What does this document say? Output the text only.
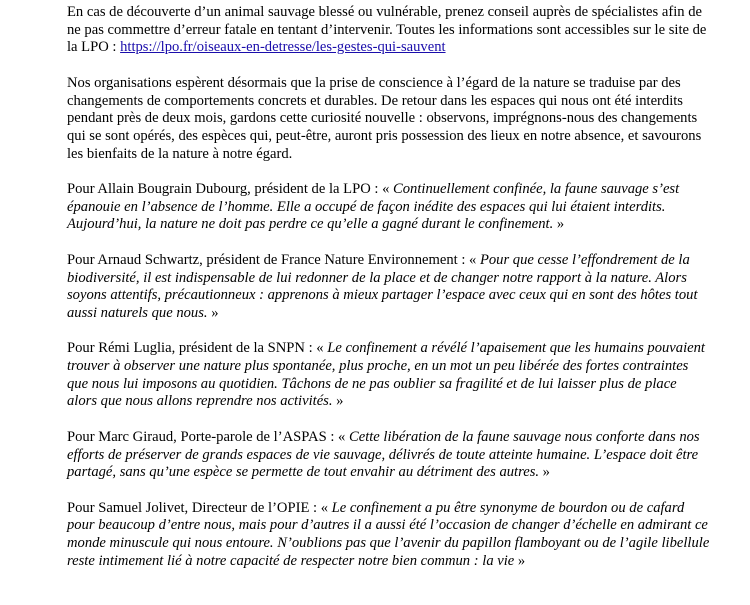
En cas de découverte d’un animal sauvage blessé ou vulnérable, prenez conseil auprès de spécialistes afin de ne pas commettre d’erreur fatale en tentant d’intervenir. Toutes les informations sont accessibles sur le site de la LPO : https://lpo.fr/oiseaux-en-detresse/les-gestes-qui-sauvent

Nos organisations espèrent désormais que la prise de conscience à l’égard de la nature se traduise par des changements de comportements concrets et durables. De retour dans les espaces qui nous ont été interdits pendant près de deux mois, gardons cette curiosité nouvelle : observons, imprégnons-nous des changements qui se sont opérés, des espèces qui, peut-être, auront pris possession des lieux en notre absence, et savourons les bienfaits de la nature à notre égard.

Pour Allain Bougrain Dubourg, président de la LPO : « Continuellement confinée, la faune sauvage s’est épanouie en l’absence de l’homme. Elle a occupé de façon inédite des espaces qui lui étaient interdits. Aujourd’hui, la nature ne doit pas perdre ce qu’elle a gagné durant le confinement. »

Pour Arnaud Schwartz, président de France Nature Environnement : « Pour que cesse l’effondrement de la biodiversité, il est indispensable de lui redonner de la place et de changer notre rapport à la nature. Alors soyons attentifs, précautionneux : apprenons à mieux partager l’espace avec ceux qui en sont des hôtes tout aussi naturels que nous. »

Pour Rémi Luglia, président de la SNPN : « Le confinement a révélé l’apaisement que les humains pouvaient trouver à observer une nature plus spontanée, plus proche, en un mot un peu libérée des fortes contraintes que nous lui imposons au quotidien. Tâchons de ne pas oublier sa fragilité et de lui laisser plus de place alors que nous allons reprendre nos activités. »

Pour Marc Giraud, Porte-parole de l’ASPAS : « Cette libération de la faune sauvage nous conforte dans nos efforts de préserver de grands espaces de vie sauvage, délivrés de toute atteinte humaine. L’espace doit être partagé, sans qu’une espèce se permette de tout envahir au détriment des autres. »

Pour Samuel Jolivet, Directeur de l’OPIE : « Le confinement a pu être synonyme de bourdon ou de cafard pour beaucoup d’entre nous, mais pour d’autres il a aussi été l’occasion de changer d’échelle en admirant ce monde minuscule qui nous entoure. N’oublions pas que l’avenir du papillon flamboyant ou de l’agile libellule reste intimement lié à notre capacité de respecter notre bien commun : la vie »
